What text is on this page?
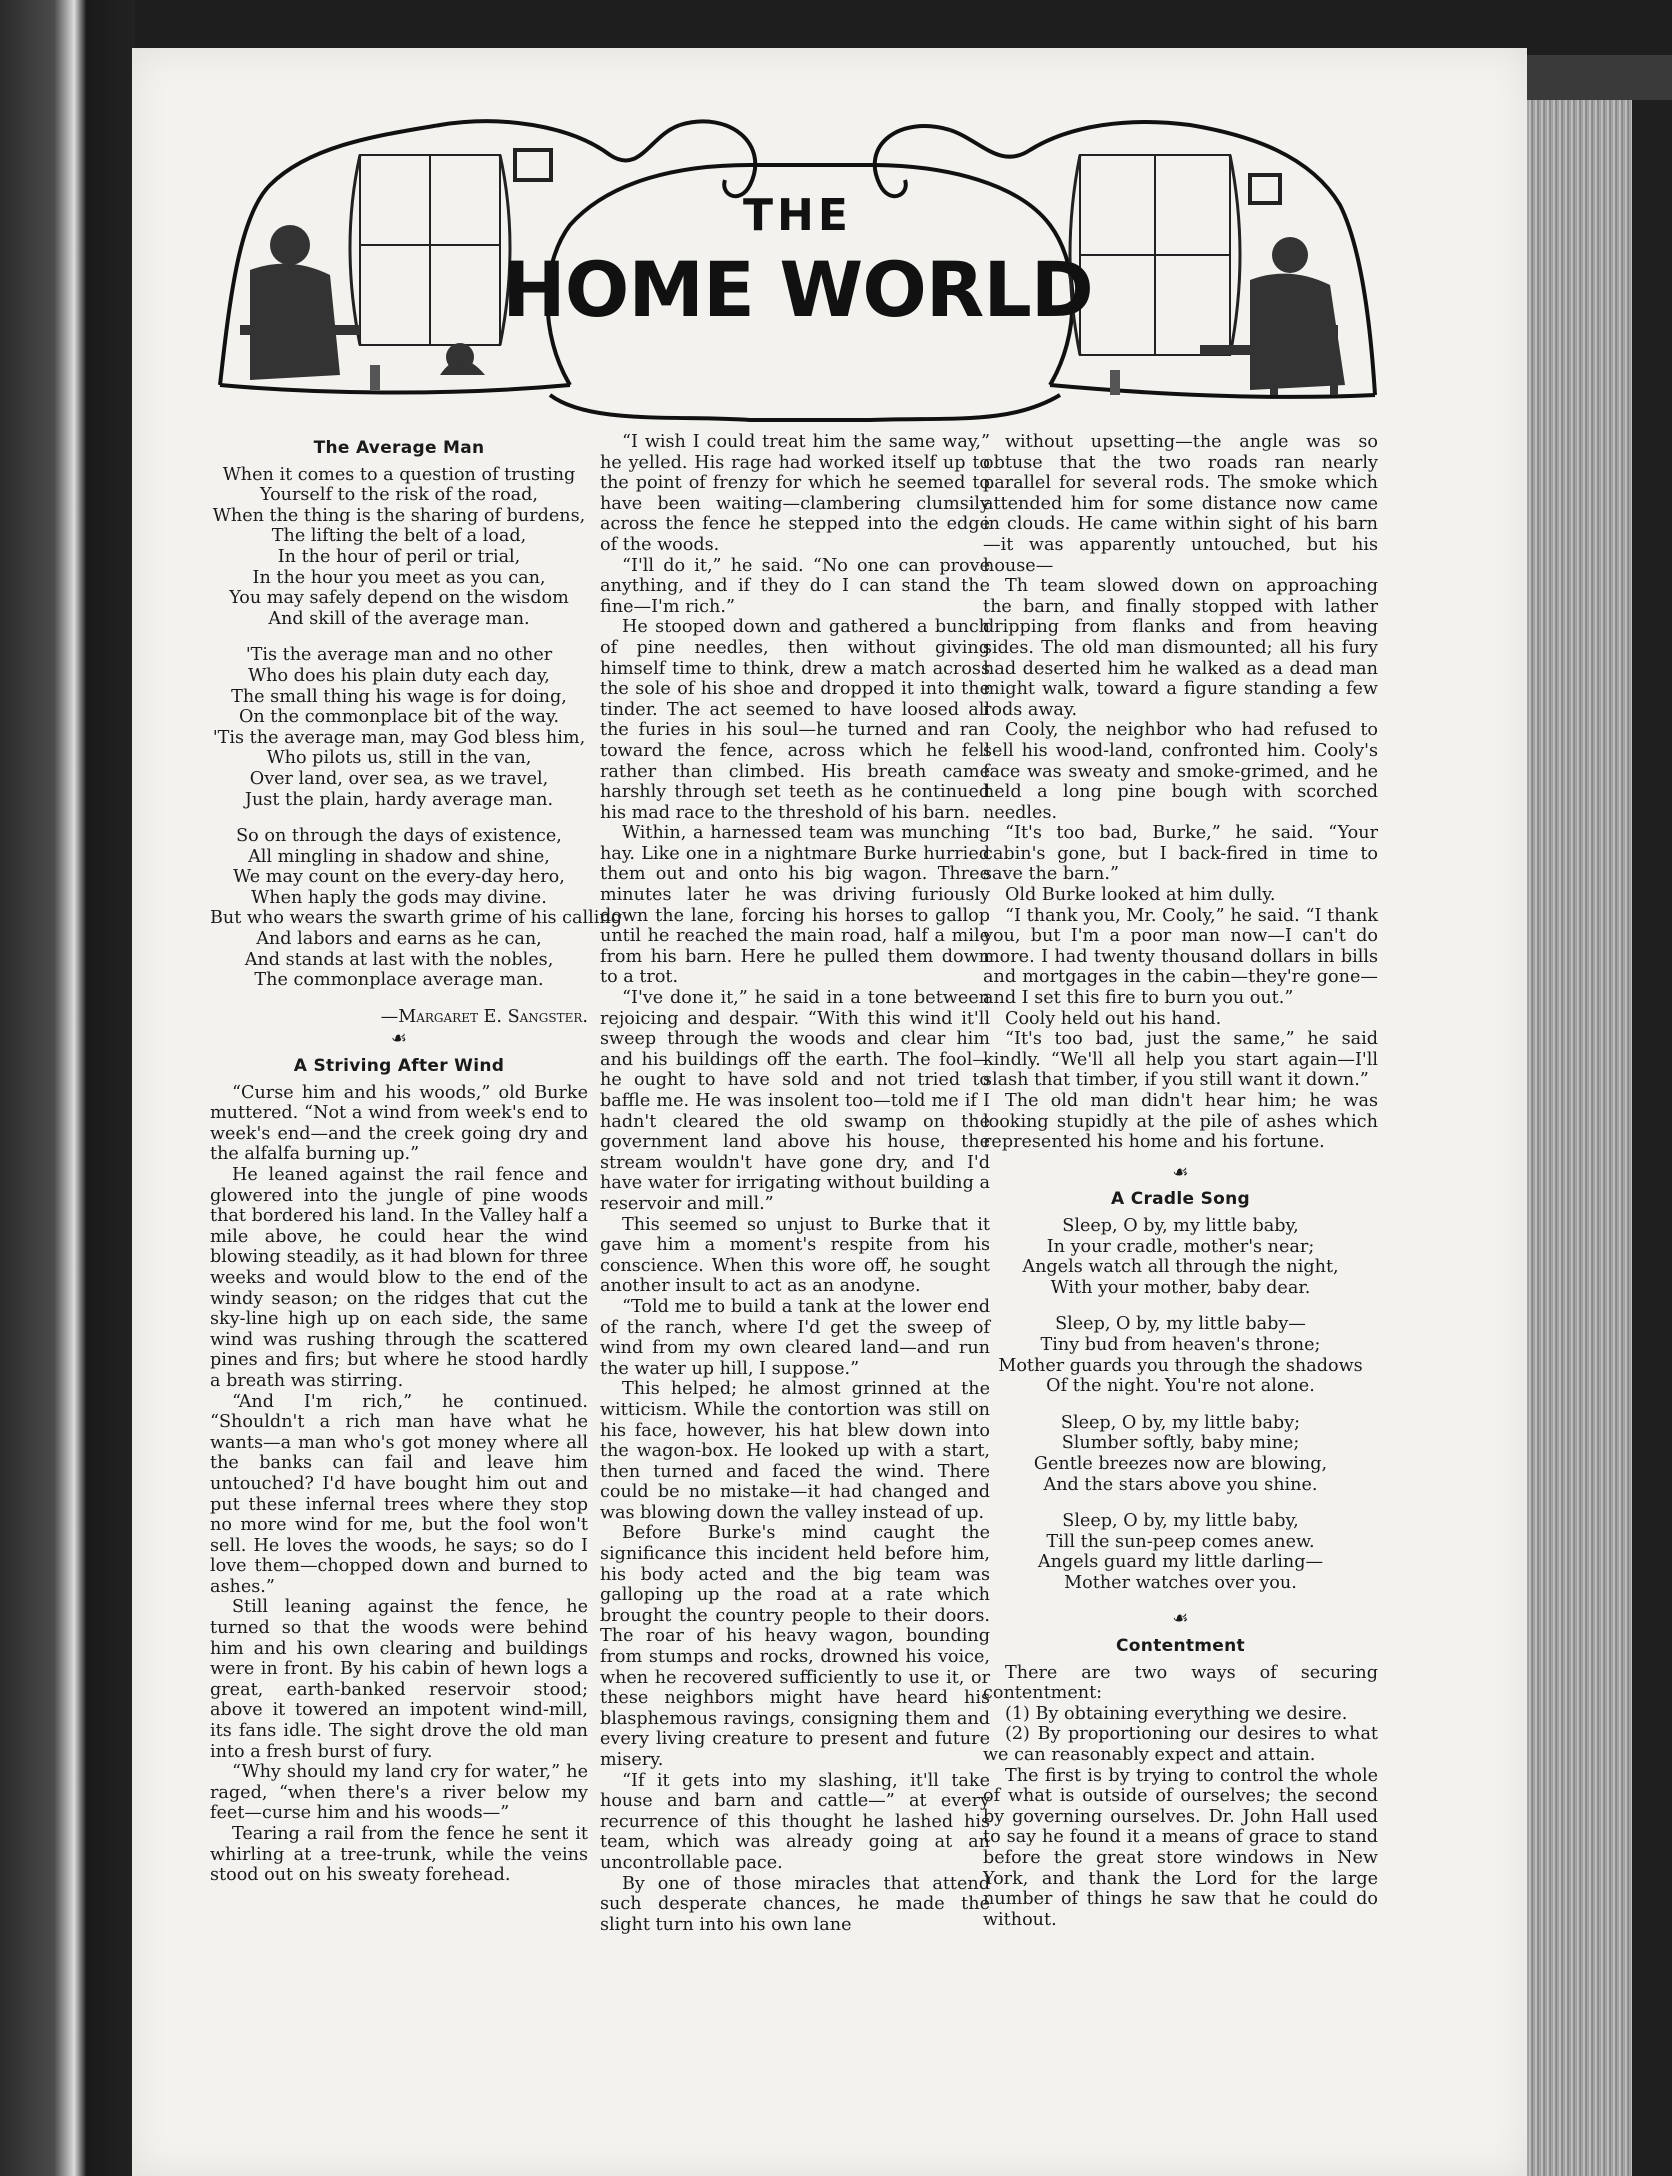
THE
HOME WORLD
The Average Man
When it comes to a question of trusting
Yourself to the risk of the road,
When the thing is the sharing of burdens,
The lifting the belt of a load,
In the hour of peril or trial,
In the hour you meet as you can,
You may safely depend on the wisdom
And skill of the average man.
'Tis the average man and no other
Who does his plain duty each day,
The small thing his wage is for doing,
On the commonplace bit of the way.
'Tis the average man, may God bless him,
Who pilots us, still in the van,
Over land, over sea, as we travel,
Just the plain, hardy average man.
So on through the days of existence,
All mingling in shadow and shine,
We may count on the every-day hero,
When haply the gods may divine.
But who wears the swarth grime of his calling
And labors and earns as he can,
And stands at last with the nobles,
The commonplace average man.
—Margaret E. Sangster.
☙
A Striving After Wind

“Curse him and his woods,” old Burke muttered. “Not a wind from week's end to week's end—and the creek going dry and the alfalfa burning up.”

He leaned against the rail fence and glowered into the jungle of pine woods that bordered his land. In the Valley half a mile above, he could hear the wind blowing steadily, as it had blown for three weeks and would blow to the end of the windy season; on the ridges that cut the sky-line high up on each side, the same wind was rushing through the scattered pines and firs; but where he stood hardly a breath was stirring.

“And I'm rich,” he continued. “Shouldn't a rich man have what he wants—a man who's got money where all the banks can fail and leave him untouched? I'd have bought him out and put these infernal trees where they stop no more wind for me, but the fool won't sell. He loves the woods, he says; so do I love them—chopped down and burned to ashes.”

Still leaning against the fence, he turned so that the woods were behind him and his own clearing and buildings were in front. By his cabin of hewn logs a great, earth-banked reservoir stood; above it towered an impotent wind-mill, its fans idle. The sight drove the old man into a fresh burst of fury.

“Why should my land cry for water,” he raged, “when there's a river below my feet—curse him and his woods—”

Tearing a rail from the fence he sent it whirling at a tree-trunk, while the veins stood out on his sweaty forehead.

“I wish I could treat him the same way,” he yelled. His rage had worked itself up to the point of frenzy for which he seemed to have been waiting—clambering clumsily across the fence he stepped into the edge of the woods.

“I'll do it,” he said. “No one can prove anything, and if they do I can stand the fine—I'm rich.”

He stooped down and gathered a bunch of pine needles, then without giving himself time to think, drew a match across the sole of his shoe and dropped it into the tinder. The act seemed to have loosed all the furies in his soul—he turned and ran toward the fence, across which he fell rather than climbed. His breath came harshly through set teeth as he continued his mad race to the threshold of his barn.

Within, a harnessed team was munching hay. Like one in a nightmare Burke hurried them out and onto his big wagon. Three minutes later he was driving furiously down the lane, forcing his horses to gallop until he reached the main road, half a mile from his barn. Here he pulled them down to a trot.

“I've done it,” he said in a tone between rejoicing and despair. “With this wind it'll sweep through the woods and clear him and his buildings off the earth. The fool—he ought to have sold and not tried to baffle me. He was insolent too—told me if I hadn't cleared the old swamp on the government land above his house, the stream wouldn't have gone dry, and I'd have water for irrigating without building a reservoir and mill.”

This seemed so unjust to Burke that it gave him a moment's respite from his conscience. When this wore off, he sought another insult to act as an anodyne.

“Told me to build a tank at the lower end of the ranch, where I'd get the sweep of wind from my own cleared land—and run the water up hill, I suppose.”

This helped; he almost grinned at the witticism. While the contortion was still on his face, however, his hat blew down into the wagon-box. He looked up with a start, then turned and faced the wind. There could be no mistake—it had changed and was blowing down the valley instead of up.

Before Burke's mind caught the significance this incident held before him, his body acted and the big team was galloping up the road at a rate which brought the country people to their doors. The roar of his heavy wagon, bounding from stumps and rocks, drowned his voice, when he recovered sufficiently to use it, or these neighbors might have heard his blasphemous ravings, consigning them and every living creature to present and future misery.

“If it gets into my slashing, it'll take house and barn and cattle—” at every recurrence of this thought he lashed his team, which was already going at an uncontrollable pace.

By one of those miracles that attend such desperate chances, he made the slight turn into his own lane

without upsetting—the angle was so obtuse that the two roads ran nearly parallel for several rods. The smoke which attended him for some distance now came in clouds. He came within sight of his barn—it was apparently untouched, but his house—

Th team slowed down on approaching the barn, and finally stopped with lather dripping from flanks and from heaving sides. The old man dismounted; all his fury had deserted him he walked as a dead man might walk, toward a figure standing a few rods away.

Cooly, the neighbor who had refused to sell his wood-land, confronted him. Cooly's face was sweaty and smoke-grimed, and he held a long pine bough with scorched needles.

“It's too bad, Burke,” he said. “Your cabin's gone, but I back-fired in time to save the barn.”

Old Burke looked at him dully.

“I thank you, Mr. Cooly,” he said. “I thank you, but I'm a poor man now—I can't do more. I had twenty thousand dollars in bills and mortgages in the cabin—they're gone—and I set this fire to burn you out.”

Cooly held out his hand.

“It's too bad, just the same,” he said kindly. “We'll all help you start again—I'll slash that timber, if you still want it down.”

The old man didn't hear him; he was looking stupidly at the pile of ashes which represented his home and his fortune.

☙
A Cradle Song
Sleep, O by, my little baby,
In your cradle, mother's near;
Angels watch all through the night,
With your mother, baby dear.
Sleep, O by, my little baby—
Tiny bud from heaven's throne;
Mother guards you through the shadows
Of the night. You're not alone.
Sleep, O by, my little baby;
Slumber softly, baby mine;
Gentle breezes now are blowing,
And the stars above you shine.
Sleep, O by, my little baby,
Till the sun-peep comes anew.
Angels guard my little darling—
Mother watches over you.
☙
Contentment

There are two ways of securing contentment:

(1) By obtaining everything we desire.

(2) By proportioning our desires to what we can reasonably expect and attain.

The first is by trying to control the whole of what is outside of ourselves; the second by governing ourselves. Dr. John Hall used to say he found it a means of grace to stand before the great store windows in New York, and thank the Lord for the large number of things he saw that he could do without.
